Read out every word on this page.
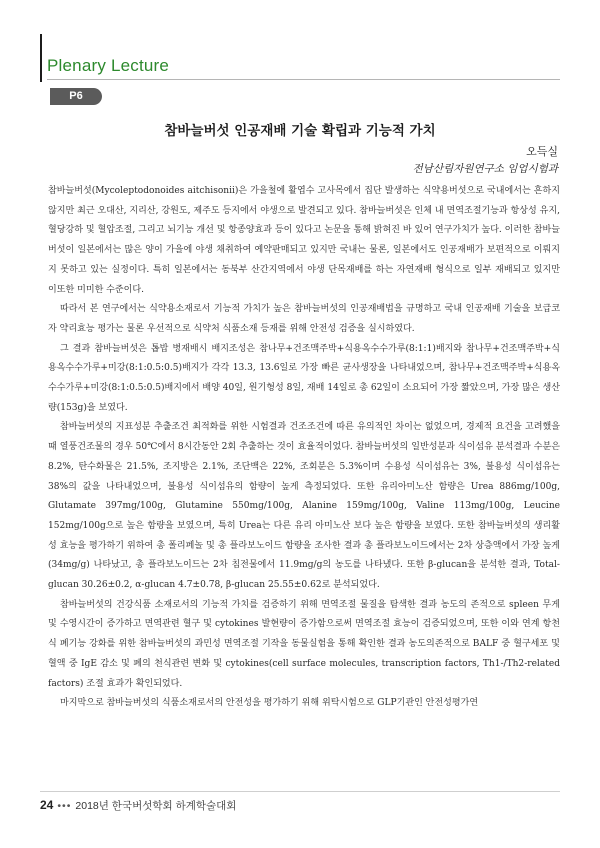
Plenary Lecture
P6
참바늘버섯 인공재배 기술 확립과 기능적 가치
오득실
전남산림자원연구소 임업시험과

참바늘버섯(Mycoleptodonoides aitchisonii)은 가을철에 활엽수 고사목에서 집단 발생하는 식약용버섯으로 국내에서는 흔하지 않지만 최근 오대산, 지리산, 강원도, 제주도 등지에서 야생으로 발견되고 있다. 참바늘버섯은 인체 내 면역조절기능과 항상성 유지, 혈당강하 및 혈압조절, 그리고 뇌기능 개선 및 항종양효과 등이 있다고 논문을 통해 밝혀진 바 있어 연구가치가 높다. 이러한 참바늘버섯이 일본에서는 많은 양이 가을에 야생 채취하여 예약판매되고 있지만 국내는 물론, 일본에서도 인공재배가 보편적으로 이뤄지지 못하고 있는 실정이다. 특히 일본에서는 동북부 산간지역에서 야생 단목재배를 하는 자연재배 형식으로 일부 재배되고 있지만 이또한 미미한 수준이다.

따라서 본 연구에서는 식약용소재로서 기능적 가치가 높은 참바늘버섯의 인공재배법을 규명하고 국내 인공재배 기술을 보급코자 약리효능 평가는 물론 우선적으로 식약처 식품소재 등재를 위해 안전성 검증을 실시하였다.

그 결과 참바늘버섯은 톱밥 병재배시 배지조성은 참나무+건조맥주박+식용옥수수가루(8:1:1)배지와 참나무+건조맥주박+식용옥수수가루+미강(8:1:0.5:0.5)배지가 각각 13.3, 13.6일로 가장 빠른 균사생장을 나타내었으며, 참나무+건조맥주박+식용옥수수가루+미강(8:1:0.5:0.5)배지에서 배양 40일, 원기형성 8일, 재배 14일로 총 62일이 소요되어 가장 짧았으며, 가장 많은 생산량(153g)을 보였다.

참바늘버섯의 지표성분 추출조건 최적화를 위한 시험결과 건조조건에 따른 유의적인 차이는 없었으며, 경제적 요건을 고려했을 때 열풍건조물의 경우 50℃에서 8시간동안 2회 추출하는 것이 효율적이었다. 참바늘버섯의 일반성분과 식이섬유 분석결과 수분은 8.2%, 탄수화물은 21.5%, 조지방은 2.1%, 조단백은 22%, 조회분은 5.3%이며 수용성 식이섬유는 3%, 불용성 식이섬유는 38%의 값을 나타내었으며, 불용성 식이섬유의 함량이 높게 측정되었다. 또한 유리아미노산 함량은 Urea 886mg/100g, Glutamate 397mg/100g, Glutamine 550mg/100g, Alanine 159mg/100g, Valine 113mg/100g, Leucine 152mg/100g으로 높은 함량을 보였으며, 특히 Urea는 다른 유리 아미노산 보다 높은 함량을 보였다. 또한 참바늘버섯의 생리활성 효능을 평가하기 위하여 총 폴리페놀 및 총 플라보노이드 함량을 조사한 결과 총 플라보노이드에서는 2차 상층액에서 가장 높게(34mg/g) 나타났고, 총 플라보노이드는 2차 침전물에서 11.9mg/g의 농도를 나타냈다. 또한 β-glucan을 분석한 결과, Total-glucan 30.26±0.2, α-glucan 4.7±0.78, β-glucan 25.55±0.62로 분석되었다.

참바늘버섯의 건강식품 소재로서의 기능적 가치를 검증하기 위해 면역조절 물질을 탐색한 결과 농도의 존적으로 spleen 무게 및 수영시간이 증가하고 면역관련 혈구 및 cytokines 발현량이 증가함으로써 면역조절 효능이 검증되었으며, 또한 이와 연계 항천식 폐기능 강화를 위한 참바늘버섯의 과민성 면역조절 기작을 동물실험을 통해 확인한 결과 농도의존적으로 BALF 중 혈구세포 및 혈액 중 IgE 감소 및 폐의 천식관련 변화 및 cytokines(cell surface molecules, transcription factors, Th1-/Th2-related factors) 조절 효과가 확인되었다.

마지막으로 참바늘버섯의 식품소재로서의 안전성을 평가하기 위해 위탁시험으로 GLP기관인 안전성평가연

24 ••• 2018년 한국버섯학회 하계학술대회
